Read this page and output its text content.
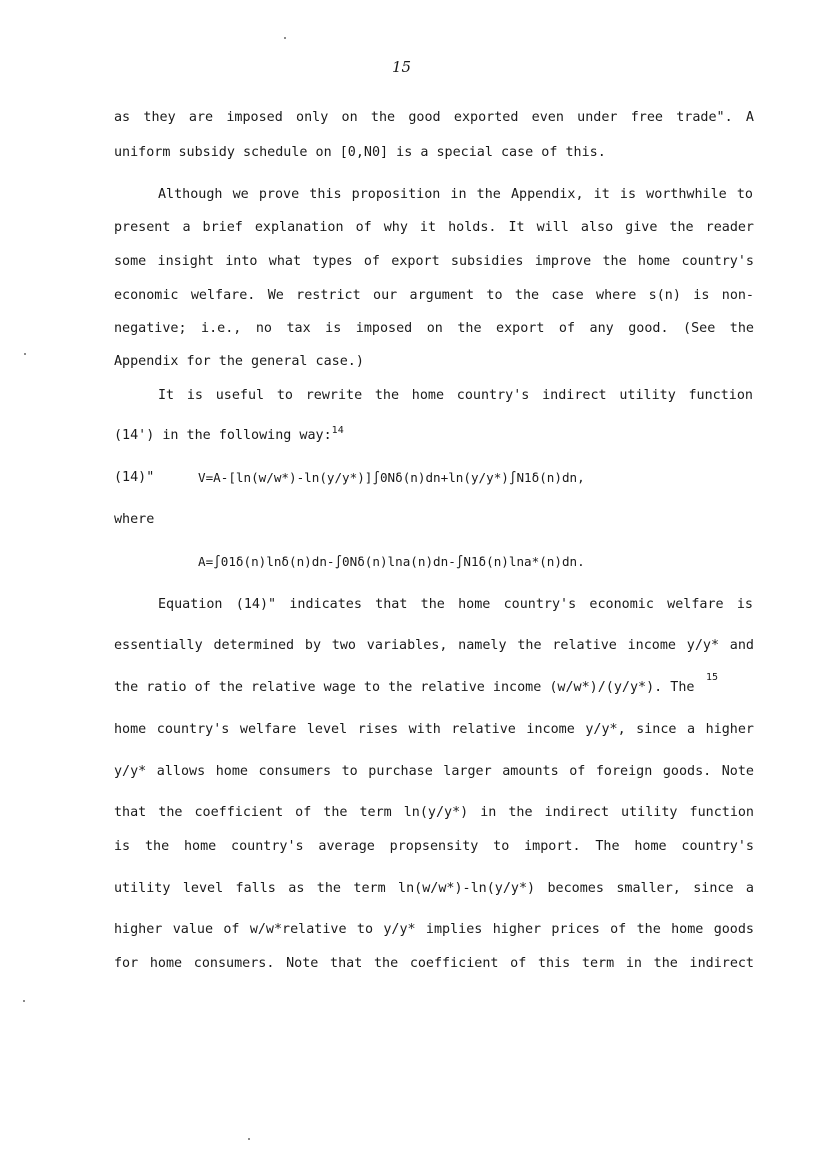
15
as they are imposed only on the good exported even under free trade". A
uniform subsidy schedule on [0,N0] is a special case of this.
Although we prove this proposition in the Appendix, it is worthwhile to
present a brief explanation of why it holds. It will also give the reader
some insight into what types of export subsidies improve the home country's
economic welfare. We restrict our argument to the case where s(n) is non-
negative; i.e., no tax is imposed on the export of any good. (See the
Appendix for the general case.)
It is useful to rewrite the home country's indirect utility function
(14') in the following way:$^{14}$
(14)"	V=A-[ln(w/w*)-ln(y/y*)]∫0Nδ(n)dn+ln(y/y*)∫N1δ(n)dn,
where
A=∫01δ(n)lnδ(n)dn-∫0Nδ(n)lna(n)dn-∫N1δ(n)lna*(n)dn.
Equation (14)" indicates that the home country's economic welfare is
essentially determined by two variables, namely the relative income y/y* and
the ratio of the relative wage to the relative income (w/w*)/(y/y*). The
15
home country's welfare level rises with relative income y/y*, since a higher
y/y* allows home consumers to purchase larger amounts of foreign goods. Note
that the coefficient of the term ln(y/y*) in the indirect utility function
is the home country's average propsensity to import. The home country's
utility level falls as the term ln(w/w*)-ln(y/y*) becomes smaller, since a
higher value of w/w*relative to y/y* implies higher prices of the home goods
for home consumers. Note that the coefficient of this term in the indirect
